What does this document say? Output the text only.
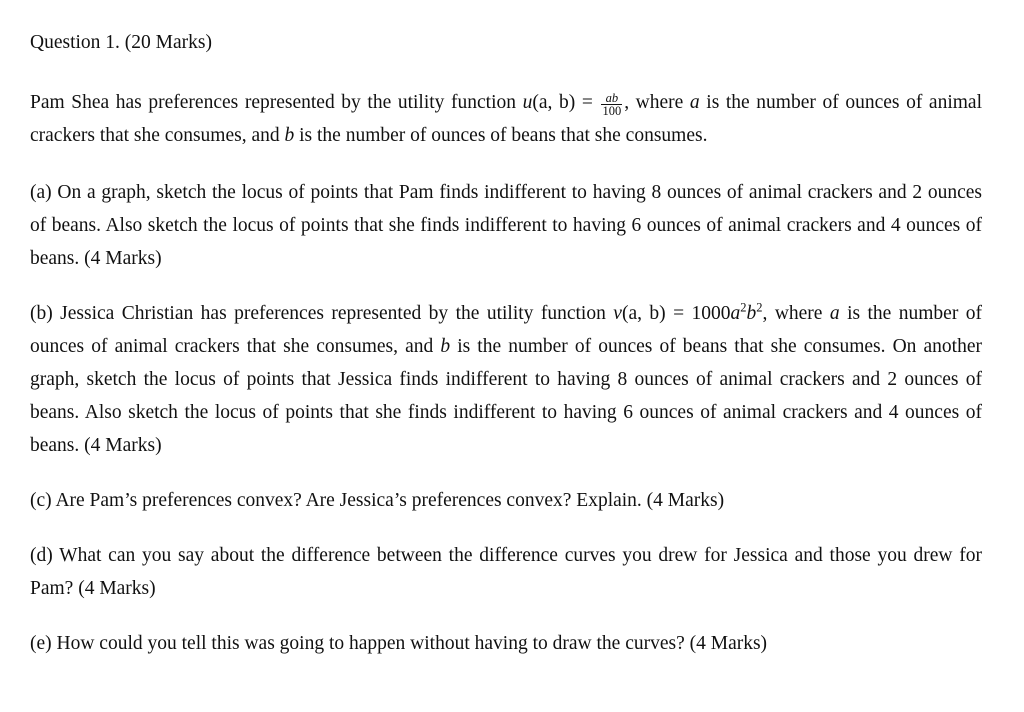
Question 1. (20 Marks)

Pam Shea has preferences represented by the utility function u(a, $b) = \frac{ab}{100}$ , where a is the number of ounces of animal crackers that she consumes, and b is the number of ounces of beans that she consumes.

(a) On a graph, sketch the locus of points that Pam finds indifferent to having 8 ounces of animal crackers and 2 ounces of beans. Also sketch the locus of points that she finds indifferent to having 6 ounces of animal crackers and 4 ounces of beans. (4 Marks)

(b) Jessica Christian has preferences represented by the utility function v(a, $b) = 1000a^2b^2$, where a is the number of ounces of animal crackers that she consumes, and b is the number of ounces of beans that she consumes. On another graph, sketch the locus of points that Jessica finds indifferent to having 8 ounces of animal crackers and 2 ounces of beans. Also sketch the locus of points that she finds indifferent to having 6 ounces of animal crackers and 4 ounces of beans. (4 Marks)

(c) Are Pam’s preferences convex? Are Jessica’s preferences convex? Explain. (4 Marks)

(d) What can you say about the difference between the difference curves you drew for Jessica and those you drew for Pam? (4 Marks)

(e) How could you tell this was going to happen without having to draw the curves? (4 Marks)
